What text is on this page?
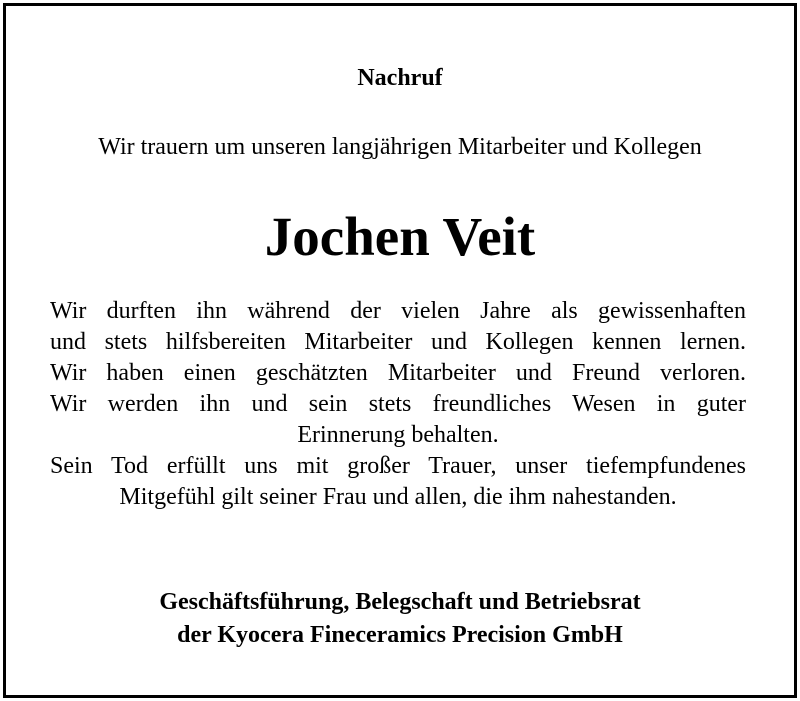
Nachruf
Wir trauern um unseren langjährigen Mitarbeiter und Kollegen
Jochen Veit
Wir durften ihn während der vielen Jahre als gewissenhaften
und stets hilfsbereiten Mitarbeiter und Kollegen kennen lernen.
Wir haben einen geschätzten Mitarbeiter und Freund verloren.
Wir werden ihn und sein stets freundliches Wesen in guter
Erinnerung behalten.
Sein Tod erfüllt uns mit großer Trauer, unser tiefempfundenes
Mitgefühl gilt seiner Frau und allen, die ihm nahestanden.
Geschäftsführung, Belegschaft und Betriebsrat
der Kyocera Fineceramics Precision GmbH
